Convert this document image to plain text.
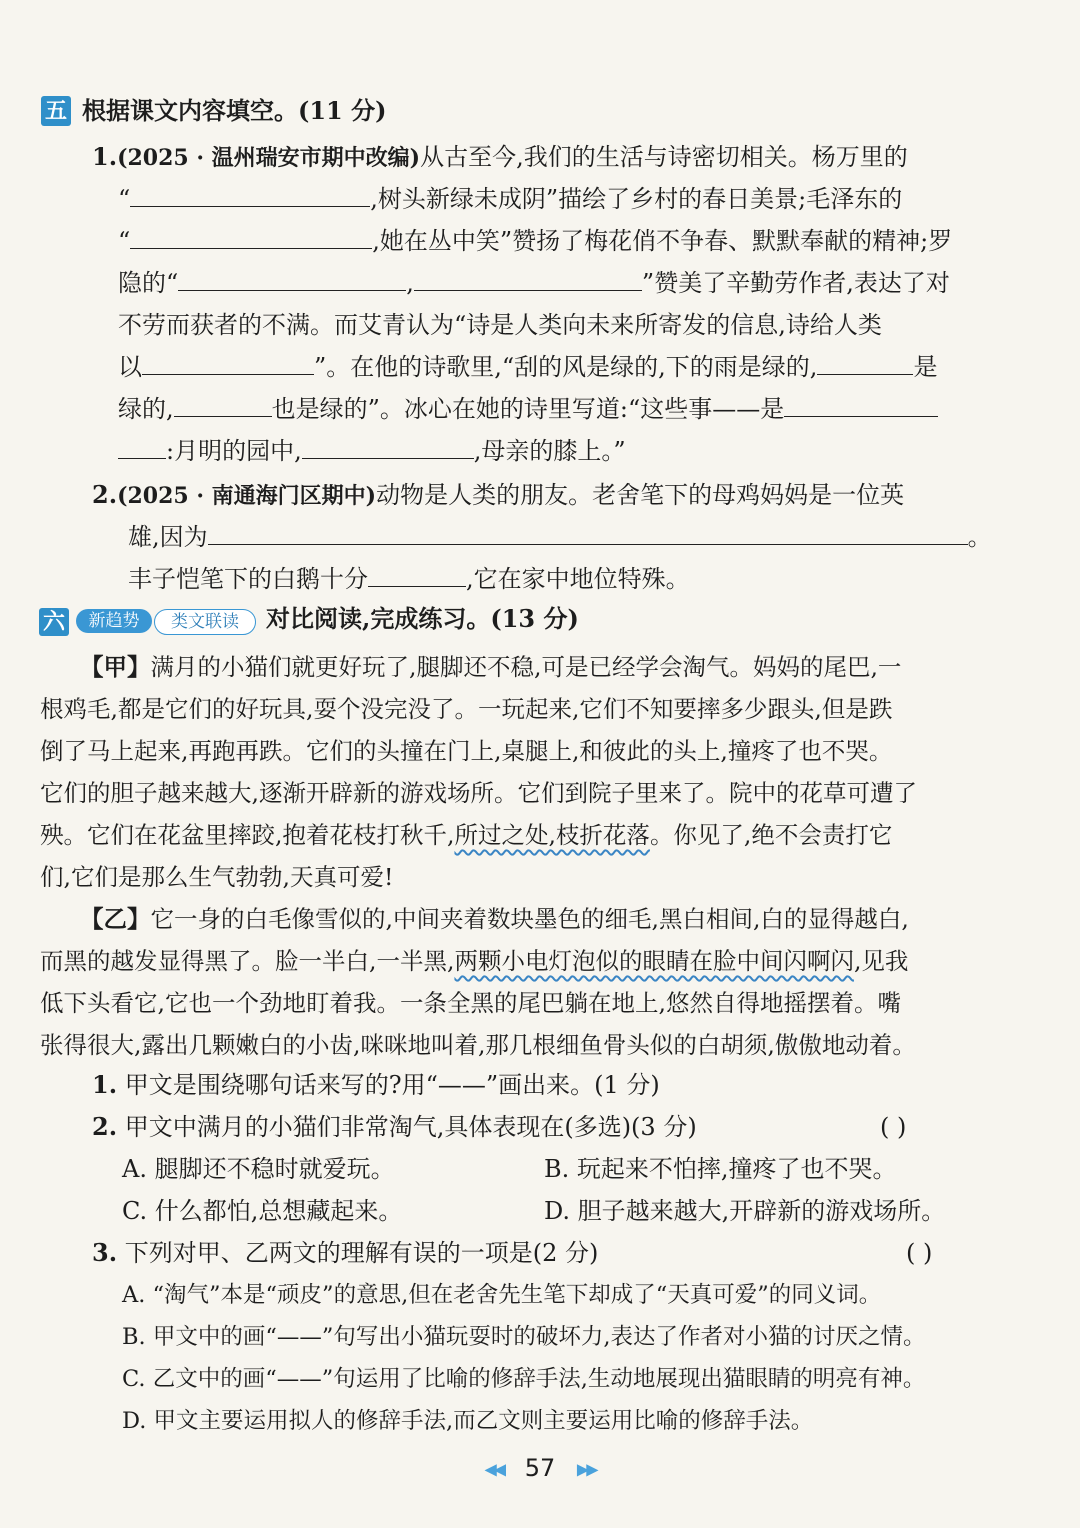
五 根据课文内容填空。(11 分)
1.(2025 · 温州瑞安市期中改编)从古至今,我们的生活与诗密切相关。杨万里的
“	,树头新绿未成阴”描绘了乡村的春日美景;毛泽东的
“	,她在丛中笑”赞扬了梅花俏不争春、默默奉献的精神;罗
隐的“	,	”赞美了辛勤劳作者,表达了对
不劳而获者的不满。而艾青认为“诗是人类向未来所寄发的信息,诗给人类
以	”。在他的诗歌里,“刮的风是绿的,下的雨是绿的,	是
绿的,	也是绿的”。冰心在她的诗里写道:“这些事——是
:月明的园中,	,母亲的膝上。”
2.(2025 · 南通海门区期中)动物是人类的朋友。老舍笔下的母鸡妈妈是一位英
雄,因为	。
丰子恺笔下的白鹅十分	,它在家中地位特殊。
六	新趋势	类文联读	对比阅读,完成练习。(13 分)
【甲】满月的小猫们就更好玩了,腿脚还不稳,可是已经学会淘气。妈妈的尾巴,一
根鸡毛,都是它们的好玩具,耍个没完没了。一玩起来,它们不知要摔多少跟头,但是跌
倒了马上起来,再跑再跌。它们的头撞在门上,桌腿上,和彼此的头上,撞疼了也不哭。
它们的胆子越来越大,逐渐开辟新的游戏场所。它们到院子里来了。院中的花草可遭了
殃。它们在花盆里摔跤,抱着花枝打秋千,所过之处,枝折花落。你见了,绝不会责打它
们,它们是那么生气勃勃,天真可爱!
【乙】它一身的白毛像雪似的,中间夹着数块墨色的细毛,黑白相间,白的显得越白,
而黑的越发显得黑了。脸一半白,一半黑,两颗小电灯泡似的眼睛在脸中间闪啊闪,见我
低下头看它,它也一个劲地盯着我。一条全黑的尾巴躺在地上,悠然自得地摇摆着。嘴
张得很大,露出几颗嫩白的小齿,咪咪地叫着,那几根细鱼骨头似的白胡须,傲傲地动着。
1. 甲文是围绕哪句话来写的?用“——”画出来。(1 分)
2. 甲文中满月的小猫们非常淘气,具体表现在(多选)(3 分)	( )
A. 腿脚还不稳时就爱玩。	B. 玩起来不怕摔,撞疼了也不哭。
C. 什么都怕,总想藏起来。	D. 胆子越来越大,开辟新的游戏场所。
3. 下列对甲、乙两文的理解有误的一项是(2 分)	( )
A. “淘气”本是“顽皮”的意思,但在老舍先生笔下却成了“天真可爱”的同义词。
B. 甲文中的画“——”句写出小猫玩耍时的破坏力,表达了作者对小猫的讨厌之情。
C. 乙文中的画“——”句运用了比喻的修辞手法,生动地展现出猫眼睛的明亮有神。
D. 甲文主要运用拟人的修辞手法,而乙文则主要运用比喻的修辞手法。
◀◀ 57 ▶▶
